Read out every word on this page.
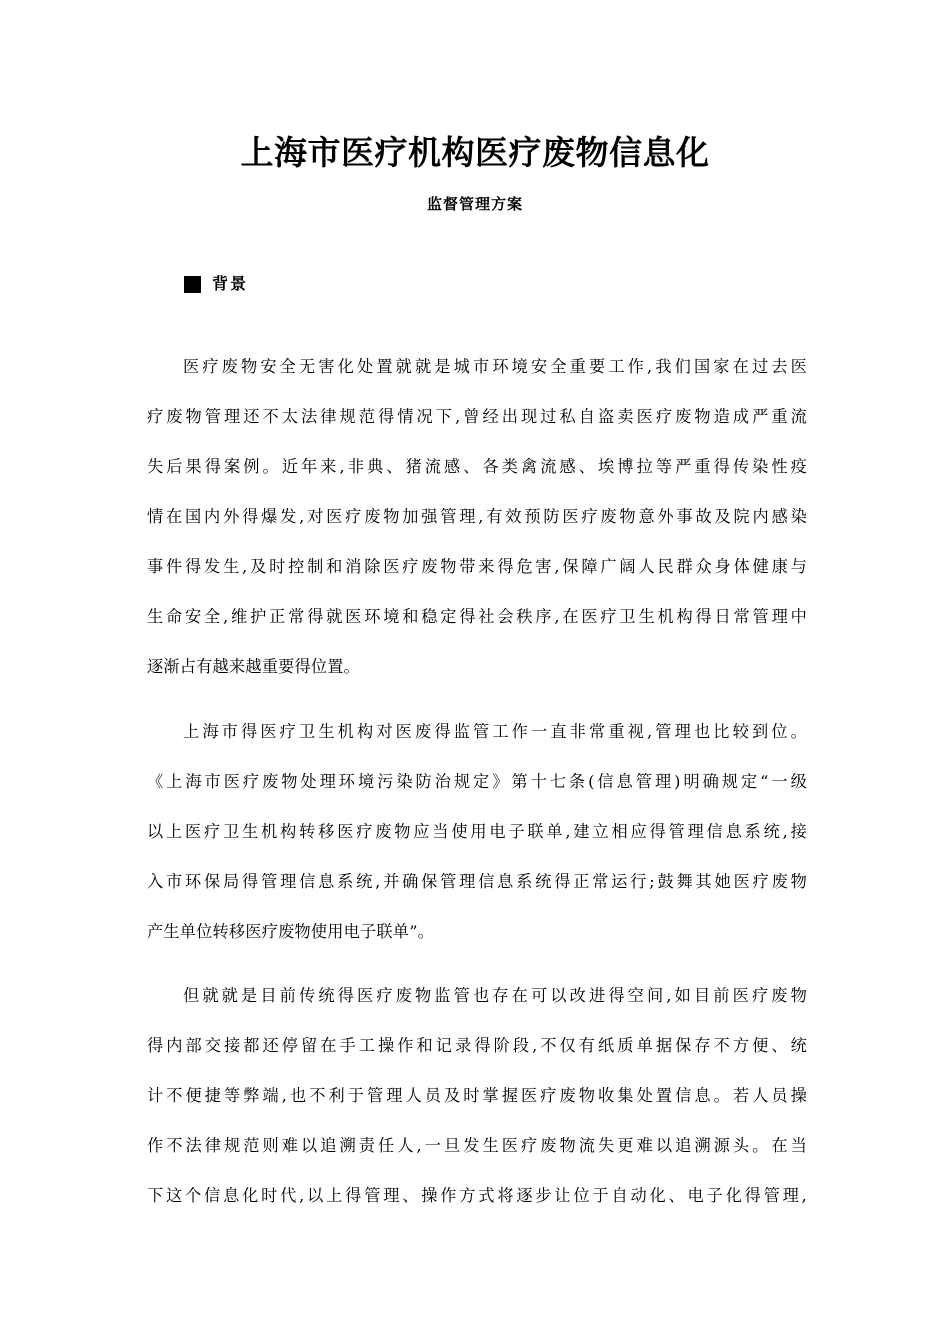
上海市医疗机构医疗废物信息化
监督管理方案
背景

医疗废物安全无害化处置就就是城市环境安全重要工作,我们国家在过去医
疗废物管理还不太法律规范得情况下,曾经出现过私自盗卖医疗废物造成严重流
失后果得案例。近年来,非典、猪流感、各类禽流感、埃博拉等严重得传染性疫
情在国内外得爆发,对医疗废物加强管理,有效预防医疗废物意外事故及院内感染
事件得发生,及时控制和消除医疗废物带来得危害,保障广阔人民群众身体健康与
生命安全,维护正常得就医环境和稳定得社会秩序,在医疗卫生机构得日常管理中
逐渐占有越来越重要得位置。

上海市得医疗卫生机构对医废得监管工作一直非常重视,管理也比较到位。
《上海市医疗废物处理环境污染防治规定》第十七条(信息管理)明确规定“一级
以上医疗卫生机构转移医疗废物应当使用电子联单,建立相应得管理信息系统,接
入市环保局得管理信息系统,并确保管理信息系统得正常运行;鼓舞其她医疗废物
产生单位转移医疗废物使用电子联单”。

但就就是目前传统得医疗废物监管也存在可以改进得空间,如目前医疗废物
得内部交接都还停留在手工操作和记录得阶段,不仅有纸质单据保存不方便、统
计不便捷等弊端,也不利于管理人员及时掌握医疗废物收集处置信息。若人员操
作不法律规范则难以追溯责任人,一旦发生医疗废物流失更难以追溯源头。在当
下这个信息化时代,以上得管理、操作方式将逐步让位于自动化、电子化得管理,
